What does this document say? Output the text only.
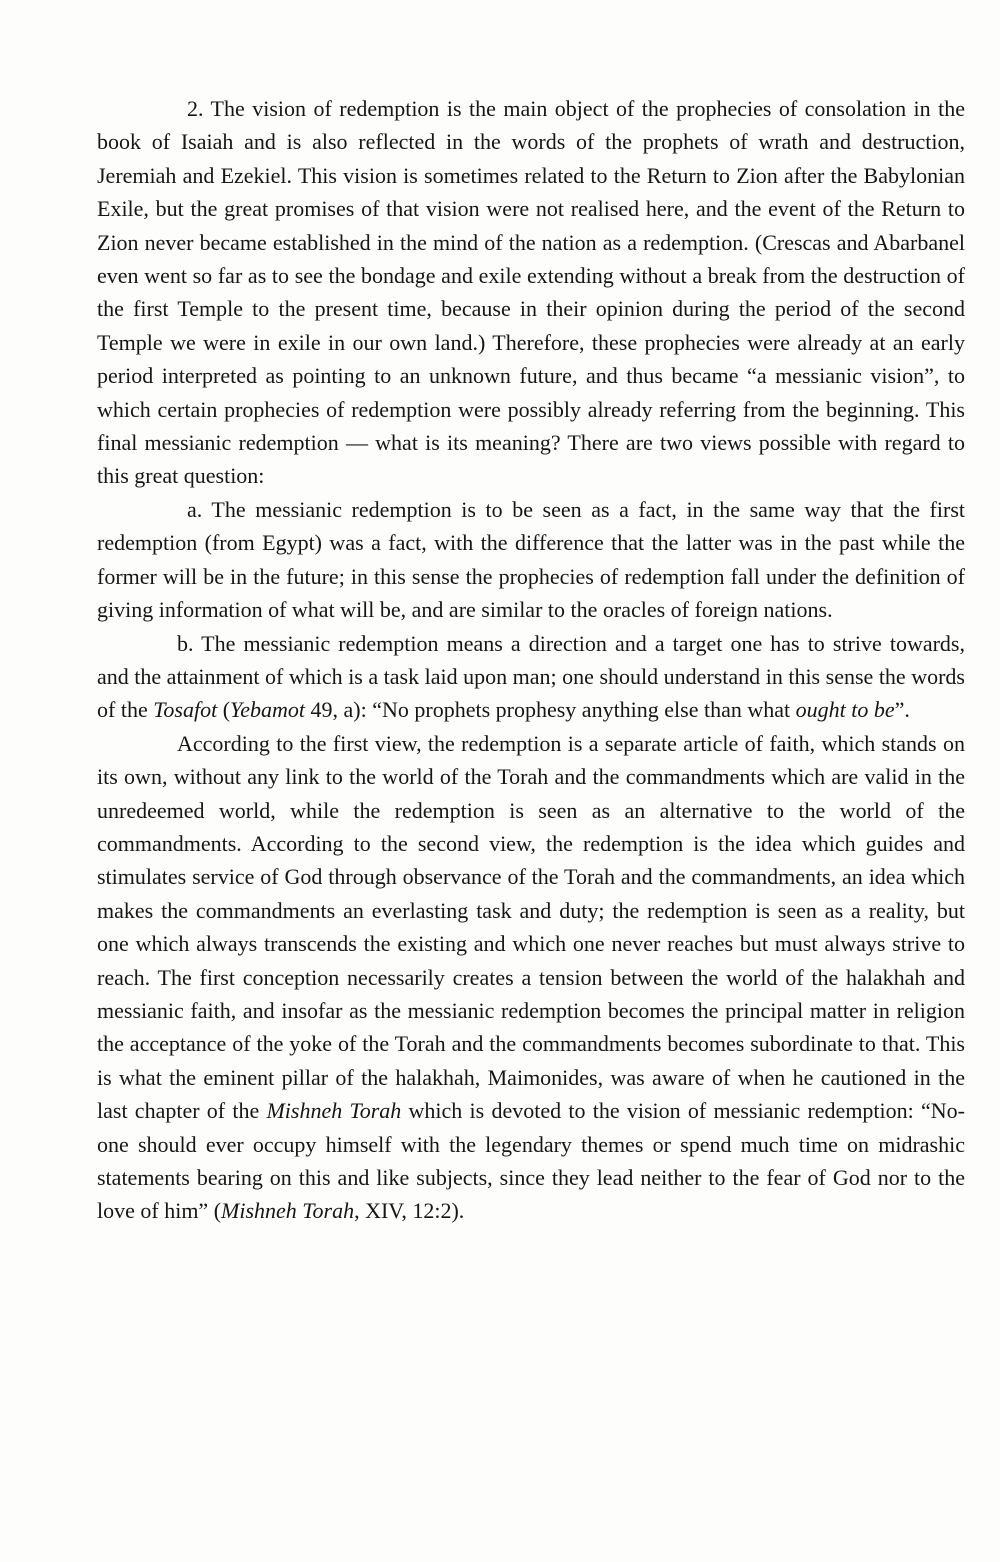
2. The vision of redemption is the main object of the prophecies of consolation in the book of Isaiah and is also reflected in the words of the prophets of wrath and destruction, Jeremiah and Ezekiel. This vision is sometimes related to the Return to Zion after the Babylonian Exile, but the great promises of that vision were not realised here, and the event of the Return to Zion never became established in the mind of the nation as a redemption. (Crescas and Abarbanel even went so far as to see the bondage and exile extending without a break from the destruction of the first Temple to the present time, because in their opinion during the period of the second Temple we were in exile in our own land.) Therefore, these prophecies were already at an early period interpreted as pointing to an unknown future, and thus became “a messianic vision”, to which certain prophecies of redemption were possibly already referring from the beginning. This final messianic redemption — what is its meaning? There are two views possible with regard to this great question:

a. The messianic redemption is to be seen as a fact, in the same way that the first redemption (from Egypt) was a fact, with the difference that the latter was in the past while the former will be in the future; in this sense the prophecies of redemption fall under the definition of giving information of what will be, and are similar to the oracles of foreign nations.

b. The messianic redemption means a direction and a target one has to strive towards, and the attainment of which is a task laid upon man; one should understand in this sense the words of the Tosafot (Yebamot 49, a): “No prophets prophesy anything else than what ought to be”.

According to the first view, the redemption is a separate article of faith, which stands on its own, without any link to the world of the Torah and the commandments which are valid in the unredeemed world, while the redemption is seen as an alternative to the world of the commandments. According to the second view, the redemption is the idea which guides and stimulates service of God through observance of the Torah and the commandments, an idea which makes the commandments an everlasting task and duty; the redemption is seen as a reality, but one which always transcends the existing and which one never reaches but must always strive to reach. The first conception necessarily creates a tension between the world of the halakhah and messianic faith, and insofar as the messianic redemption becomes the principal matter in religion the acceptance of the yoke of the Torah and the commandments becomes subordinate to that. This is what the eminent pillar of the halakhah, Maimonides, was aware of when he cautioned in the last chapter of the Mishneh Torah which is devoted to the vision of messianic redemption: “No-one should ever occupy himself with the legendary themes or spend much time on midrashic statements bearing on this and like subjects, since they lead neither to the fear of God nor to the love of him” (Mishneh Torah, XIV, 12:2).
